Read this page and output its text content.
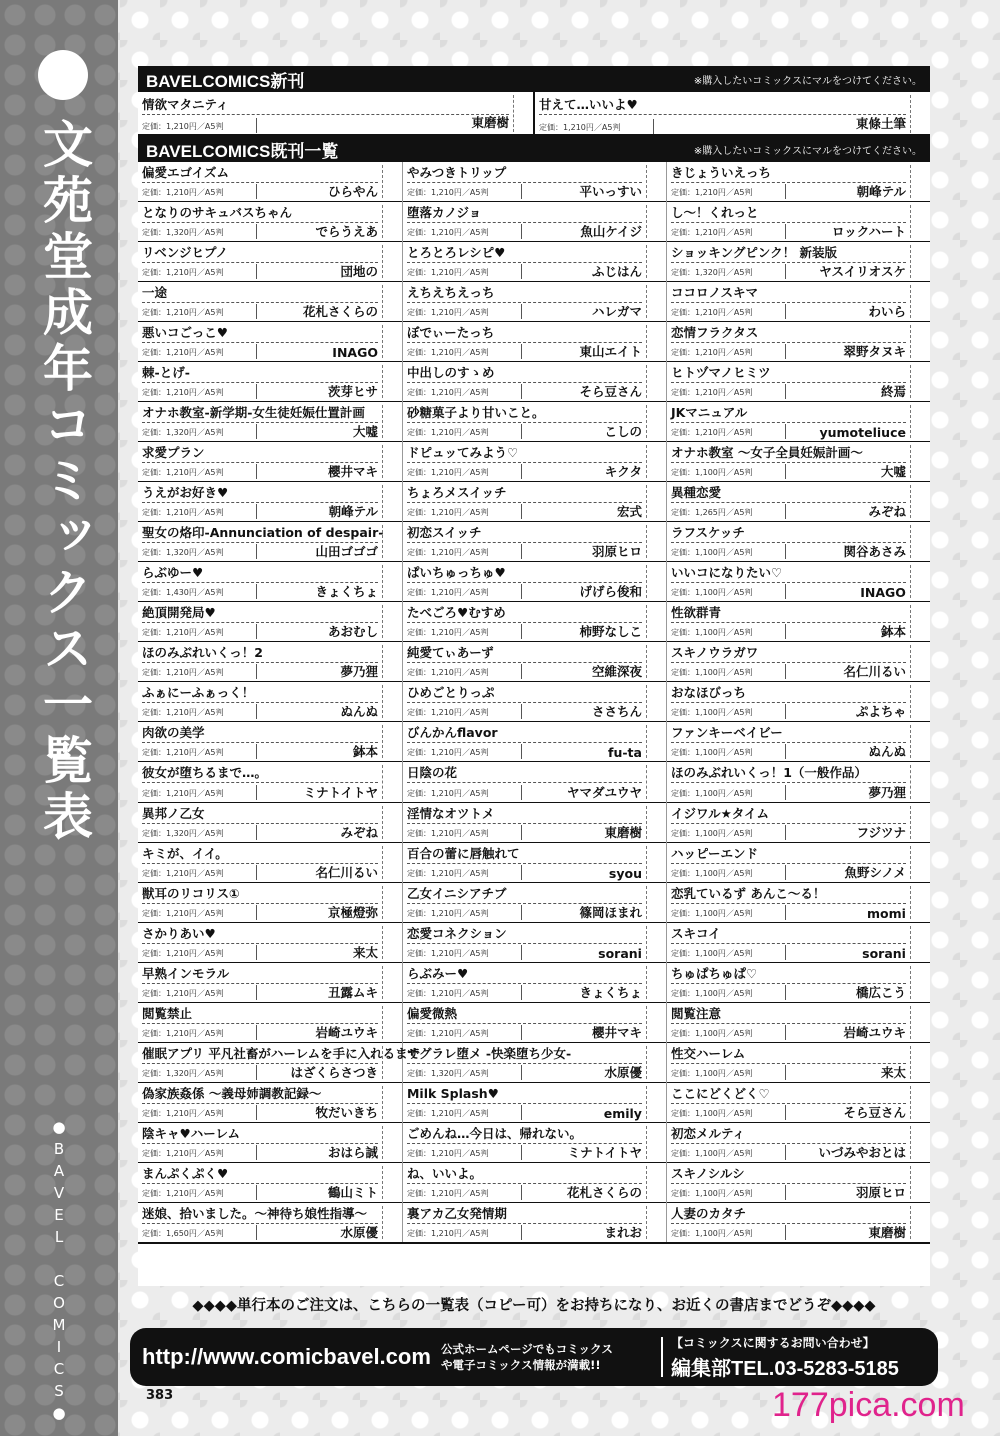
文苑堂成年コミックス一覧表
●BAVEL COMICS●
BAVELCOMICS新刊	※購入したいコミックスにマルをつけてください。
情欲マタニティ
定価：1,210円／A5判	東磨樹
甘えて…いいよ♥
定価：1,210円／A5判	東條土筆
BAVELCOMICS既刊一覧	※購入したいコミックスにマルをつけてください。
偏愛エゴイズム
定価：1,210円／A5判	ひらやん
となりのサキュバスちゃん
定価：1,320円／A5判	でらうえあ
リベンジヒプノ
定価：1,210円／A5判	団地の
一途
定価：1,210円／A5判	花札さくらの
悪いコごっこ♥
定価：1,210円／A5判	INAGO
棘-とげ-
定価：1,210円／A5判	茨芽ヒサ
オナホ教室-新学期-女生徒妊娠仕置計画
定価：1,320円／A5判	大嘘
求愛プラン
定価：1,210円／A5判	櫻井マキ
うえがお好き♥
定価：1,210円／A5判	朝峰テル
聖女の烙印-Annunciation of despair-
定価：1,320円／A5判	山田ゴゴゴ
らぶゆー♥
定価：1,430円／A5判	きょくちょ
絶頂開発局♥
定価：1,210円／A5判	あおむし
ほのみぶれいくっ！2
定価：1,210円／A5判	夢乃狸
ふぁにーふぁっく！
定価：1,210円／A5判	ぬんぬ
肉欲の美学
定価：1,210円／A5判	鉢本
彼女が堕ちるまで…。
定価：1,210円／A5判	ミナトイトヤ
異邦ノ乙女
定価：1,320円／A5判	みぞね
キミが、イイ。
定価：1,210円／A5判	名仁川るい
獣耳のリコリス①
定価：1,210円／A5判	京極燈弥
さかりあい♥
定価：1,210円／A5判	来太
早熟インモラル
定価：1,210円／A5判	丑露ムキ
閲覧禁止
定価：1,210円／A5判	岩崎ユウキ
催眠アプリ 平凡社畜がハーレムを手に入れるまで
定価：1,320円／A5判	はざくらさつき
偽家族姦係 ～義母姉調教記録～
定価：1,210円／A5判	牧だいきち
陰キャ♥ハーレム
定価：1,210円／A5判	おはら誠
まんぷくぷく♥
定価：1,210円／A5判	鶴山ミト
迷娘、拾いました。～神待ち娘性指導～
定価：1,650円／A5判	水原優
やみつきトリップ
定価：1,210円／A5判	平いっすい
堕落カノジョ
定価：1,210円／A5判	魚山ケイジ
とろとろレシピ♥
定価：1,210円／A5判	ふじはん
えちえちえっち
定価：1,210円／A5判	ハレガマ
ぼでぃーたっち
定価：1,210円／A5判	東山エイト
中出しのすゝめ
定価：1,210円／A5判	そら豆さん
砂糖菓子より甘いこと。
定価：1,210円／A5判	こしの
ドピュッてみよう♡
定価：1,210円／A5判	キクタ
ちょろメスイッチ
定価：1,210円／A5判	宏式
初恋スイッチ
定価：1,210円／A5判	羽原ヒロ
ぱいちゅっちゅ♥
定価：1,210円／A5判	げげら俊和
たべごろ♥むすめ
定価：1,210円／A5判	柿野なしこ
純愛てぃあーず
定価：1,210円／A5判	空維深夜
ひめごとりっぷ
定価：1,210円／A5判	ささちん
びんかんflavor
定価：1,210円／A5判	fu-ta
日陰の花
定価：1,210円／A5判	ヤマダユウヤ
淫情なオツトメ
定価：1,210円／A5判	東磨樹
百合の蕾に唇触れて
定価：1,210円／A5判	syou
乙女イニシアチブ
定価：1,210円／A5判	篠岡ほまれ
恋愛コネクション
定価：1,210円／A5判	sorani
らぶみー♥
定価：1,210円／A5判	きょくちょ
偏愛微熱
定価：1,210円／A5判	櫻井マキ
サグラレ堕メ -快楽堕ち少女-
定価：1,320円／A5判	水原優
Milk Splash♥
定価：1,210円／A5判	emily
ごめんね…今日は、帰れない。
定価：1,210円／A5判	ミナトイトヤ
ね、いいよ。
定価：1,210円／A5判	花札さくらの
裏アカ乙女発情期
定価：1,210円／A5判	まれお
きじょういえっち
定価：1,210円／A5判	朝峰テル
し～！くれっと
定価：1,210円／A5判	ロックハート
ショッキングピンク！ 新装版
定価：1,320円／A5判	ヤスイリオスケ
ココロノスキマ
定価：1,210円／A5判	わいら
恋情フラクタス
定価：1,210円／A5判	翠野タヌキ
ヒトヅマノヒミツ
定価：1,210円／A5判	終焉
JKマニュアル
定価：1,210円／A5判	yumoteliuce
オナホ教室 ～女子全員妊娠計画～
定価：1,100円／A5判	大嘘
異種恋愛
定価：1,265円／A5判	みぞね
ラフスケッチ
定価：1,100円／A5判	関谷あさみ
いいコになりたい♡
定価：1,100円／A5判	INAGO
性欲群青
定価：1,100円／A5判	鉢本
スキノウラガワ
定価：1,100円／A5判	名仁川るい
おなほびっち
定価：1,100円／A5判	ぷよちゃ
ファンキーベイビー
定価：1,100円／A5判	ぬんぬ
ほのみぶれいくっ！1（一般作品）
定価：1,100円／A5判	夢乃狸
イジワル★タイム
定価：1,100円／A5判	フジツナ
ハッピーエンド
定価：1,100円／A5判	魚野シノメ
恋乳ているず あんこ～る！
定価：1,100円／A5判	momi
スキコイ
定価：1,100円／A5判	sorani
ちゅぱちゅぱ♡
定価：1,100円／A5判	橋広こう
閲覧注意
定価：1,100円／A5判	岩崎ユウキ
性交ハーレム
定価：1,100円／A5判	来太
ここにどくどく♡
定価：1,100円／A5判	そら豆さん
初恋メルティ
定価：1,100円／A5判	いづみやおとは
スキノシルシ
定価：1,100円／A5判	羽原ヒロ
人妻のカタチ
定価：1,100円／A5判	東磨樹
◆◆◆◆単行本のご注文は、こちらの一覧表（コピー可）をお持ちになり、お近くの書店までどうぞ◆◆◆◆
http://www.comicbavel.com 公式ホームページでもコミックス
や電子コミックス情報が満載!!
【コミックスに関するお問い合わせ】
編集部TEL.03-5283-5185
383	177pica.com
